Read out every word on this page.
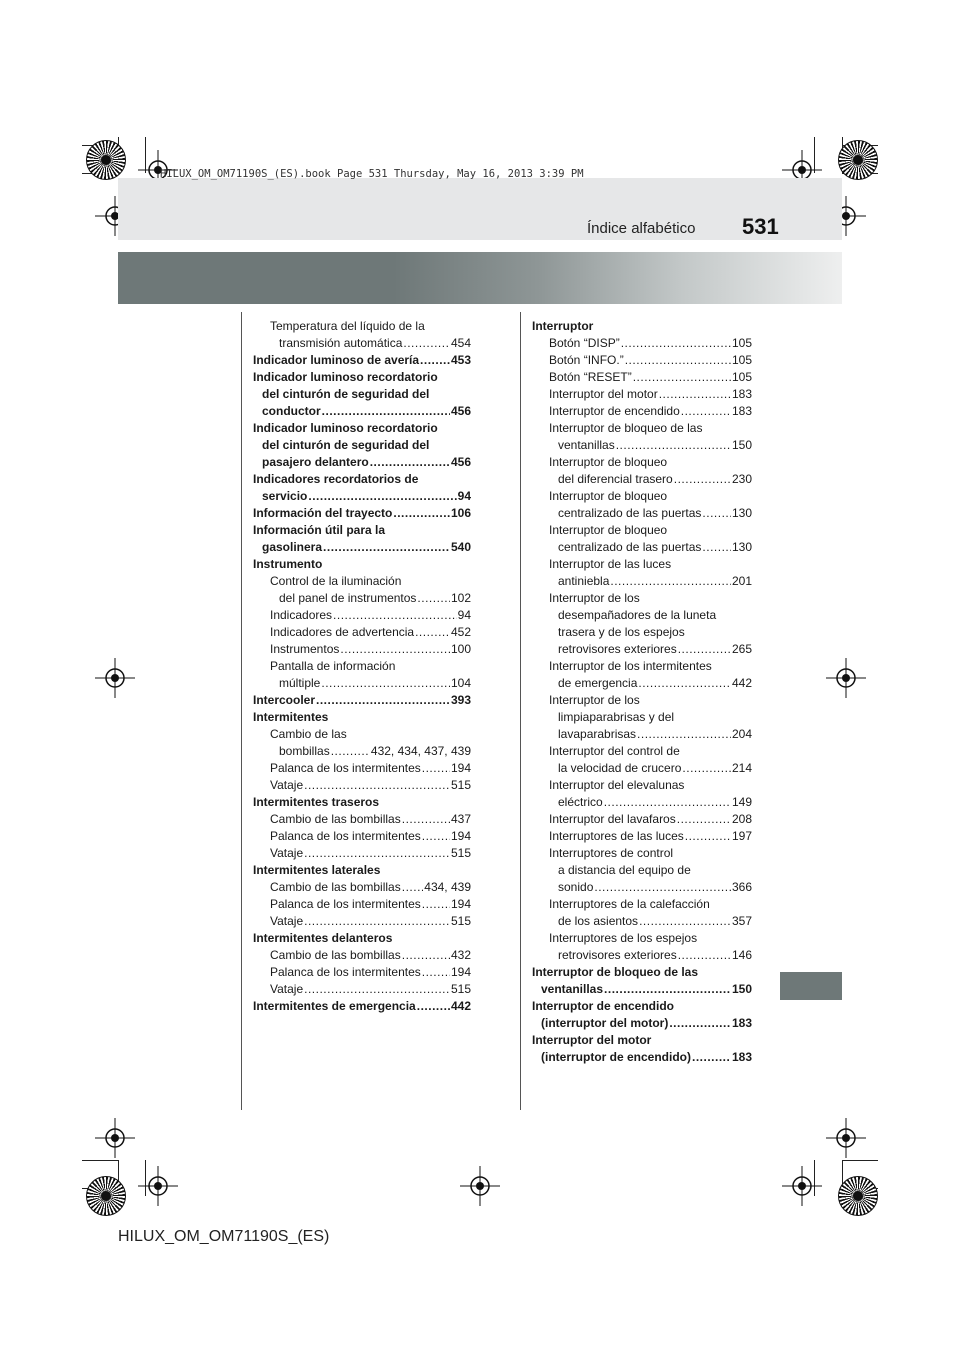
HILUX_OM_OM71190S_(ES).book Page 531 Thursday, May 16, 2013 3:39 PM
Índice alfabético 531
Temperatura del líquido de la
transmisión automática .....	454
Indicador luminoso de avería .....	453
Indicador luminoso recordatorio
del cinturón de seguridad del
conductor .....	456
Indicador luminoso recordatorio
del cinturón de seguridad del
pasajero delantero .....	456
Indicadores recordatorios de
servicio .....	94
Información del trayecto .....	106
Información útil para la
gasolinera .....	540
Instrumento
Control de la iluminación
del panel de instrumentos .....	102
Indicadores .....	94
Indicadores de advertencia .....	452
Instrumentos .....	100
Pantalla de información
múltiple .....	104
Intercooler .....	393
Intermitentes
Cambio de las
bombillas .....	432, 434, 437, 439
Palanca de los intermitentes .....	194
Vataje .....	515
Intermitentes traseros
Cambio de las bombillas .....	437
Palanca de los intermitentes .....	194
Vataje .....	515
Intermitentes laterales
Cambio de las bombillas ..... 434, 439
Palanca de los intermitentes .....	194
Vataje .....	515
Intermitentes delanteros
Cambio de las bombillas .....	432
Palanca de los intermitentes .....	194
Vataje .....	515
Intermitentes de emergencia .....	442
Interruptor
Botón “DISP” .....	105
Botón “INFO.” .....	105
Botón “RESET” .....	105
Interruptor del motor .....	183
Interruptor de encendido .....	183
Interruptor de bloqueo de las
ventanillas .....	150
Interruptor de bloqueo
del diferencial trasero .....	230
Interruptor de bloqueo
centralizado de las puertas .....	130
Interruptor de bloqueo
centralizado de las puertas .....	130
Interruptor de las luces
antiniebla .....	201
Interruptor de los
desempañadores de la luneta
trasera y de los espejos
retrovisores exteriores .....	265
Interruptor de los intermitentes
de emergencia .....	442
Interruptor de los
limpiaparabrisas y del
lavaparabrisas .....	204
Interruptor del control de
la velocidad de crucero .....	214
Interruptor del elevalunas
eléctrico .....	149
Interruptor del lavafaros .....	208
Interruptores de las luces .....	197
Interruptores de control
a distancia del equipo de
sonido .....	366
Interruptores de la calefacción
de los asientos .....	357
Interruptores de los espejos
retrovisores exteriores .....	146
Interruptor de bloqueo de las
ventanillas .....	150
Interruptor de encendido
(interruptor del motor) .....	183
Interruptor del motor
(interruptor de encendido) .....	183
HILUX_OM_OM71190S_(ES)
